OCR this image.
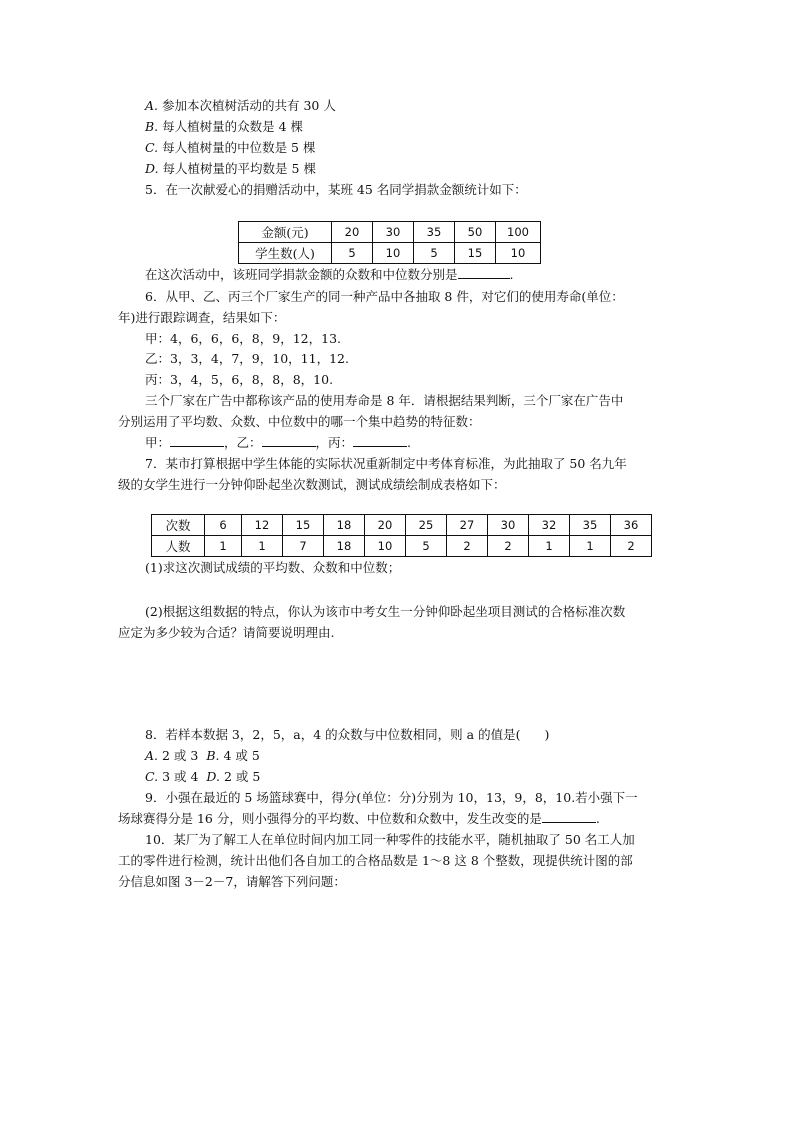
A. 参加本次植树活动的共有 30 人
B. 每人植树量的众数是 4 棵
C. 每人植树量的中位数是 5 棵
D. 每人植树量的平均数是 5 棵
5．在一次献爱心的捐赠活动中，某班 45 名同学捐款金额统计如下：
金额(元)	20	30	35	50	100
学生数(人)	5	10	5	15	10
在这次活动中，该班同学捐款金额的众数和中位数分别是	.
6．从甲、乙、丙三个厂家生产的同一种产品中各抽取 8 件，对它们的使用寿命(单位：
年)进行跟踪调查，结果如下：
甲：4，6，6，6，8，9，12，13.
乙：3，3，4，7，9，10，11，12.
丙：3，4，5，6，8，8，8，10.
三个厂家在广告中都称该产品的使用寿命是 8 年．请根据结果判断，三个厂家在广告中
分别运用了平均数、众数、中位数中的哪一个集中趋势的特征数：
甲：	，乙：	，丙：	.
7．某市打算根据中学生体能的实际状况重新制定中考体育标准，为此抽取了 50 名九年
级的女学生进行一分钟仰卧起坐次数测试，测试成绩绘制成表格如下：
次数	6	12	15	18	20	25	27	30	32	35	36
人数	1	1	7	18	10	5	2	2	1	1	2
(1)求这次测试成绩的平均数、众数和中位数；
(2)根据这组数据的特点，你认为该市中考女生一分钟仰卧起坐项目测试的合格标准次数
应定为多少较为合适？请简要说明理由.
8．若样本数据 3，2，5，a，4 的众数与中位数相同，则 a 的值是( )
A. 2 或 3 B. 4 或 5
C. 3 或 4 D. 2 或 5
9．小强在最近的 5 场篮球赛中，得分(单位：分)分别为 10，13，9，8，10.若小强下一
场球赛得分是 16 分，则小强得分的平均数、中位数和众数中，发生改变的是	.
10．某厂为了解工人在单位时间内加工同一种零件的技能水平，随机抽取了 50 名工人加
工的零件进行检测，统计出他们各自加工的合格品数是 1～8 这 8 个整数，现提供统计图的部
分信息如图 3－2－7，请解答下列问题：
